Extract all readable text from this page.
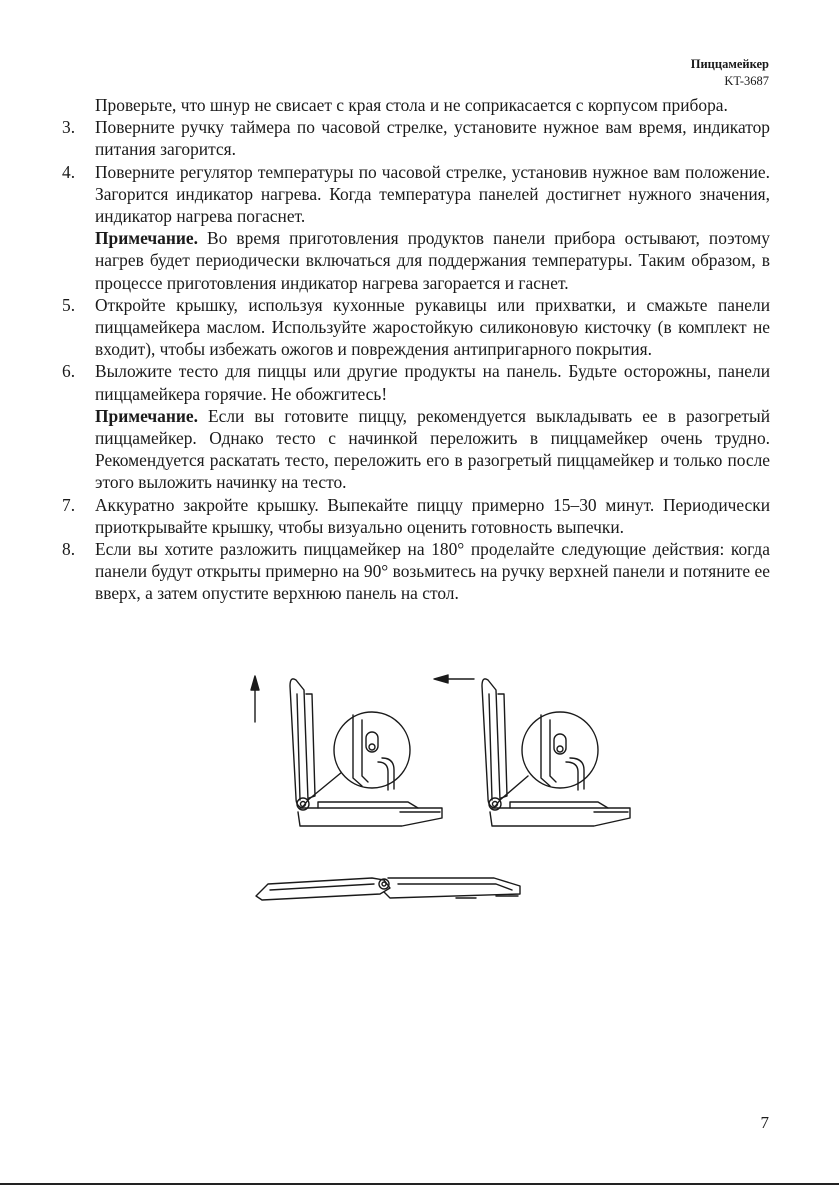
Пиццамейкер
KT-3687
Проверьте, что шнур не свисает с края стола и не соприкасается с корпусом прибора.
3.	Поверните ручку таймера по часовой стрелке, установите нужное вам время, индикатор питания загорится.
4.	Поверните регулятор температуры по часовой стрелке, установив нужное вам положение. Загорится индикатор нагрева. Когда температура панелей достигнет нужного значения, индикатор нагрева погаснет.
Примечание. Во время приготовления продуктов панели прибора остывают, поэтому нагрев будет периодически включаться для поддержания температуры. Таким образом, в процессе приготовления индикатор нагрева загорается и гаснет.
5.	Откройте крышку, используя кухонные рукавицы или прихватки, и смажьте панели пиццамейкера маслом. Используйте жаростойкую силиконовую кисточку (в комплект не входит), чтобы избежать ожогов и повреждения антипригарного покрытия.
6.	Выложите тесто для пиццы или другие продукты на панель. Будьте осторожны, панели пиццамейкера горячие. Не обожгитесь!
Примечание. Если вы готовите пиццу, рекомендуется выкладывать ее в разогретый пиццамейкер. Однако тесто с начинкой переложить в пиццамейкер очень трудно. Рекомендуется раскатать тесто, переложить его в разогретый пиццамейкер и только после этого выложить начинку на тесто.
7.	Аккуратно закройте крышку. Выпекайте пиццу примерно 15–30 минут. Периодически приоткрывайте крышку, чтобы визуально оценить готовность выпечки.
8.	Если вы хотите разложить пиццамейкер на 180° проделайте следующие действия: когда панели будут открыты примерно на 90° возьмитесь на ручку верхней панели и потяните ее вверх, а затем опустите верхнюю панель на стол.
7
